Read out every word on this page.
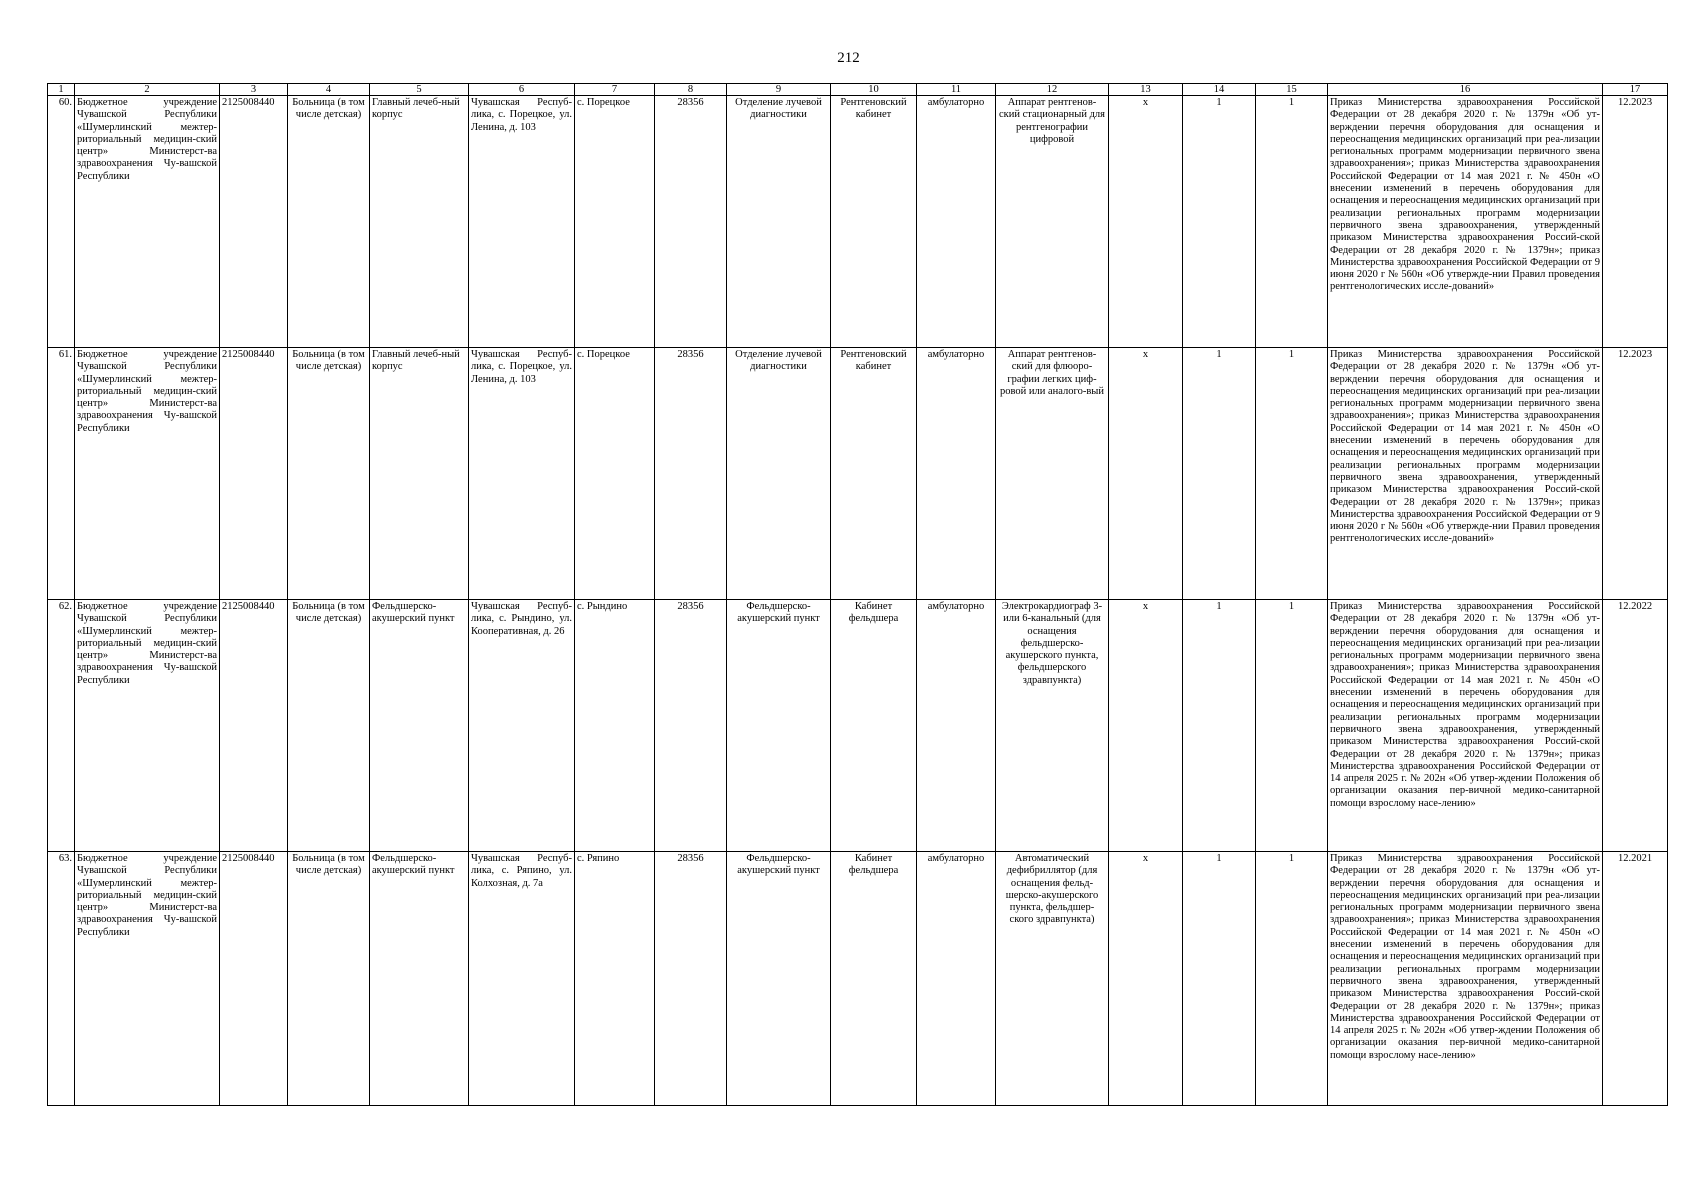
212
1	2	3	4	5	6	7	8	9	10	11	12	13	14	15	16	17
60.	Бюджетное учреждение Чувашской Республики «Шумерлинский межтер-риториальный медицин-ский центр» Министерст-ва здравоохранения Чу-вашской Республики	2125008440	Больница (в том числе детская)	Главный лечеб-ный корпус	Чувашская Респуб-лика, с. Порецкое, ул. Ленина, д. 103	с. Порецкое	28356	Отделение лучевой диагностики	Рентгеновский кабинет	амбулаторно	Аппарат рентгенов-ский стационарный для рентгенографии цифровой	х	1	1	Приказ Министерства здравоохранения Российской Федерации от 28 декабря 2020 г. № 1379н «Об ут-верждении перечня оборудования для оснащения и переоснащения медицинских организаций при реа-лизации региональных программ модернизации первичного звена здравоохранения»; приказ Министерства здравоохранения Российской Федерации от 14 мая 2021 г. № 450н «О внесении изменений в перечень оборудования для оснащения и переоснащения медицинских организаций при реализации региональных программ модернизации первичного звена здравоохранения, утвержденный приказом Министерства здравоохранения Россий-ской Федерации от 28 декабря 2020 г. № 1379н»; приказ Министерства здравоохранения Российской Федерации от 9 июня 2020 г № 560н «Об утвержде-нии Правил проведения рентгенологических иссле-дований»	12.2023
61.	Бюджетное учреждение Чувашской Республики «Шумерлинский межтер-риториальный медицин-ский центр» Министерст-ва здравоохранения Чу-вашской Республики	2125008440	Больница (в том числе детская)	Главный лечеб-ный корпус	Чувашская Респуб-лика, с. Порецкое, ул. Ленина, д. 103	с. Порецкое	28356	Отделение лучевой диагностики	Рентгеновский кабинет	амбулаторно	Аппарат рентгенов-ский для флюоро-графии легких циф-ровой или аналого-вый	х	1	1	Приказ Министерства здравоохранения Российской Федерации от 28 декабря 2020 г. № 1379н «Об ут-верждении перечня оборудования для оснащения и переоснащения медицинских организаций при реа-лизации региональных программ модернизации первичного звена здравоохранения»; приказ Министерства здравоохранения Российской Федерации от 14 мая 2021 г. № 450н «О внесении изменений в перечень оборудования для оснащения и переоснащения медицинских организаций при реализации региональных программ модернизации первичного звена здравоохранения, утвержденный приказом Министерства здравоохранения Россий-ской Федерации от 28 декабря 2020 г. № 1379н»; приказ Министерства здравоохранения Российской Федерации от 9 июня 2020 г № 560н «Об утвержде-нии Правил проведения рентгенологических иссле-дований»	12.2023
62.	Бюджетное учреждение Чувашской Республики «Шумерлинский межтер-риториальный медицин-ский центр» Министерст-ва здравоохранения Чу-вашской Республики	2125008440	Больница (в том числе детская)	Фельдшерско-акушерский пункт	Чувашская Респуб-лика, с. Рындино, ул. Кооперативная, д. 26	с. Рындино	28356	Фельдшерско-акушерский пункт	Кабинет фельдшера	амбулаторно	Электрокардиограф 3- или 6-канальный (для оснащения фельдшерско-акушерского пункта, фельдшерского здравпункта)	х	1	1	Приказ Министерства здравоохранения Российской Федерации от 28 декабря 2020 г. № 1379н «Об ут-верждении перечня оборудования для оснащения и переоснащения медицинских организаций при реа-лизации региональных программ модернизации первичного звена здравоохранения»; приказ Министерства здравоохранения Российской Федерации от 14 мая 2021 г. № 450н «О внесении изменений в перечень оборудования для оснащения и переоснащения медицинских организаций при реализации региональных программ модернизации первичного звена здравоохранения, утвержденный приказом Министерства здравоохранения Россий-ской Федерации от 28 декабря 2020 г. № 1379н»; приказ Министерства здравоохранения Российской Федерации от 14 апреля 2025 г. № 202н «Об утвер-ждении Положения об организации оказания пер-вичной медико-санитарной помощи взрослому насе-лению»	12.2022
63.	Бюджетное учреждение Чувашской Республики «Шумерлинский межтер-риториальный медицин-ский центр» Министерст-ва здравоохранения Чу-вашской Республики	2125008440	Больница (в том числе детская)	Фельдшерско-акушерский пункт	Чувашская Респуб-лика, с. Ряпино, ул. Колхозная, д. 7а	с. Ряпино	28356	Фельдшерско-акушерский пункт	Кабинет фельдшера	амбулаторно	Автоматический дефибриллятор (для оснащения фельд-шерско-акушерского пункта, фельдшер-ского здравпункта)	х	1	1	Приказ Министерства здравоохранения Российской Федерации от 28 декабря 2020 г. № 1379н «Об ут-верждении перечня оборудования для оснащения и переоснащения медицинских организаций при реа-лизации региональных программ модернизации первичного звена здравоохранения»; приказ Министерства здравоохранения Российской Федерации от 14 мая 2021 г. № 450н «О внесении изменений в перечень оборудования для оснащения и переоснащения медицинских организаций при реализации региональных программ модернизации первичного звена здравоохранения, утвержденный приказом Министерства здравоохранения Россий-ской Федерации от 28 декабря 2020 г. № 1379н»; приказ Министерства здравоохранения Российской Федерации от 14 апреля 2025 г. № 202н «Об утвер-ждении Положения об организации оказания пер-вичной медико-санитарной помощи взрослому насе-лению»	12.2021
